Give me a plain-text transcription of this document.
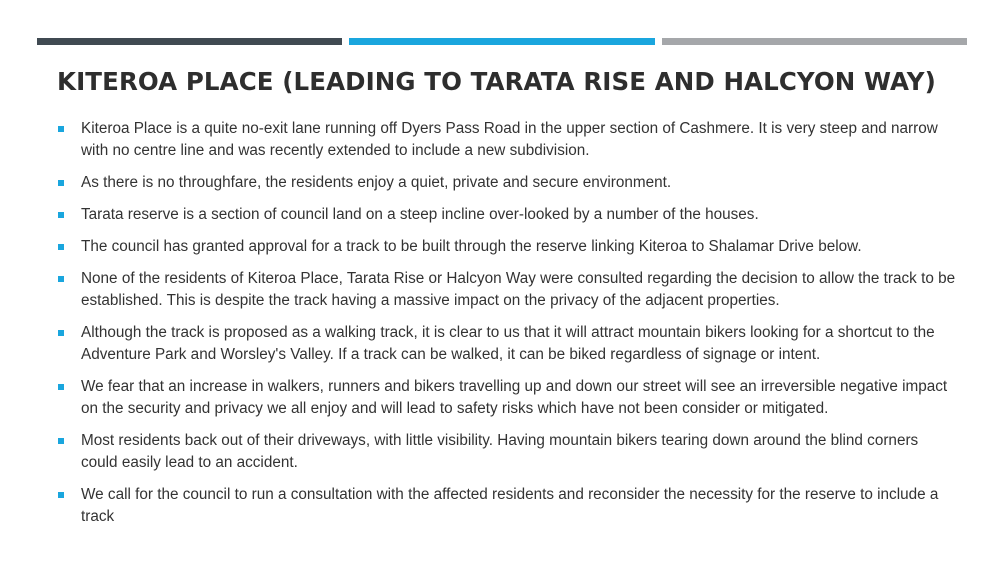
KITEROA PLACE (LEADING TO TARATA RISE AND HALCYON WAY)
Kiteroa Place is a quite no-exit lane running off Dyers Pass Road in the upper section of Cashmere. It is very steep and narrow with no centre line and was recently extended to include a new subdivision.
As there is no throughfare, the residents enjoy a quiet, private and secure environment.
Tarata reserve is a section of council land on a steep incline over-looked by a number of the houses.
The council has granted approval for a track to be built through the reserve linking Kiteroa to Shalamar Drive below.
None of the residents of Kiteroa Place, Tarata Rise or Halcyon Way were consulted regarding the decision to allow the track to be established. This is despite the track having a massive impact on the privacy of the adjacent properties.
Although the track is proposed as a walking track, it is clear to us that it will attract mountain bikers looking for a shortcut to the Adventure Park and Worsley's Valley. If a track can be walked, it can be biked regardless of signage or intent.
We fear that an increase in walkers, runners and bikers travelling up and down our street will see an irreversible negative impact on the security and privacy we all enjoy and will lead to safety risks which have not been consider or mitigated.
Most residents back out of their driveways, with little visibility. Having mountain bikers tearing down around the blind corners could easily lead to an accident.
We call for the council to run a consultation with the affected residents and reconsider the necessity for the reserve to include a track
